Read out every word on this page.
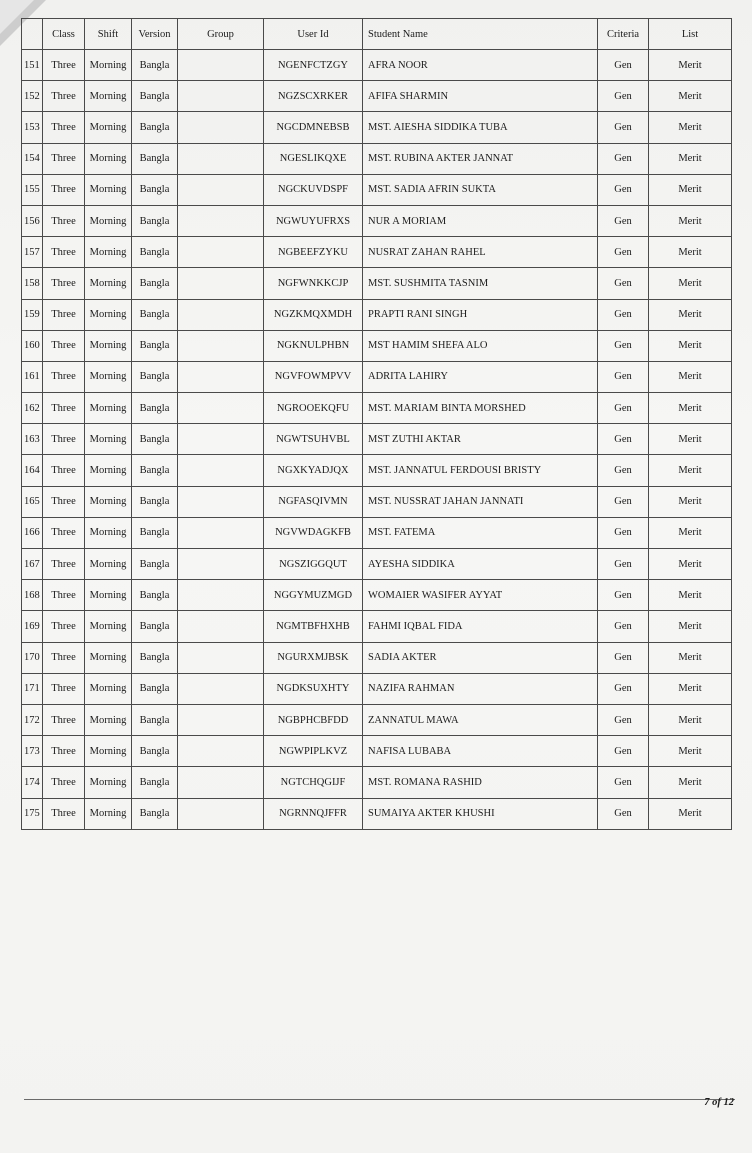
	Class	Shift	Version	Group	User Id	Student Name	Criteria	List
151	Three	Morning	Bangla		NGENFCTZGY	AFRA NOOR	Gen	Merit
152	Three	Morning	Bangla		NGZSCXRKER	AFIFA SHARMIN	Gen	Merit
153	Three	Morning	Bangla		NGCDMNEBSB	MST. AIESHA SIDDIKA TUBA	Gen	Merit
154	Three	Morning	Bangla		NGESLIKQXE	MST. RUBINA AKTER JANNAT	Gen	Merit
155	Three	Morning	Bangla		NGCKUVDSPF	MST. SADIA AFRIN SUKTA	Gen	Merit
156	Three	Morning	Bangla		NGWUYUFRXS	NUR A MORIAM	Gen	Merit
157	Three	Morning	Bangla		NGBEEFZYKU	NUSRAT ZAHAN RAHEL	Gen	Merit
158	Three	Morning	Bangla		NGFWNKKCJP	MST. SUSHMITA TASNIM	Gen	Merit
159	Three	Morning	Bangla		NGZKMQXMDH	PRAPTI RANI SINGH	Gen	Merit
160	Three	Morning	Bangla		NGKNULPHBN	MST HAMIM SHEFA ALO	Gen	Merit
161	Three	Morning	Bangla		NGVFOWMPVV	ADRITA LAHIRY	Gen	Merit
162	Three	Morning	Bangla		NGROOEKQFU	MST. MARIAM BINTA MORSHED	Gen	Merit
163	Three	Morning	Bangla		NGWTSUHVBL	MST ZUTHI AKTAR	Gen	Merit
164	Three	Morning	Bangla		NGXKYADJQX	MST. JANNATUL FERDOUSI BRISTY	Gen	Merit
165	Three	Morning	Bangla		NGFASQIVMN	MST. NUSSRAT JAHAN JANNATI	Gen	Merit
166	Three	Morning	Bangla		NGVWDAGKFB	MST. FATEMA	Gen	Merit
167	Three	Morning	Bangla		NGSZIGGQUT	AYESHA SIDDIKA	Gen	Merit
168	Three	Morning	Bangla		NGGYMUZMGD	WOMAIER WASIFER AYYAT	Gen	Merit
169	Three	Morning	Bangla		NGMTBFHXHB	FAHMI IQBAL FIDA	Gen	Merit
170	Three	Morning	Bangla		NGURXMJBSK	SADIA AKTER	Gen	Merit
171	Three	Morning	Bangla		NGDKSUXHTY	NAZIFA RAHMAN	Gen	Merit
172	Three	Morning	Bangla		NGBPHCBFDD	ZANNATUL MAWA	Gen	Merit
173	Three	Morning	Bangla		NGWPIPLKVZ	NAFISA LUBABA	Gen	Merit
174	Three	Morning	Bangla		NGTCHQGIJF	MST. ROMANA RASHID	Gen	Merit
175	Three	Morning	Bangla		NGRNNQJFFR	SUMAIYA AKTER KHUSHI	Gen	Merit
7 of 12
